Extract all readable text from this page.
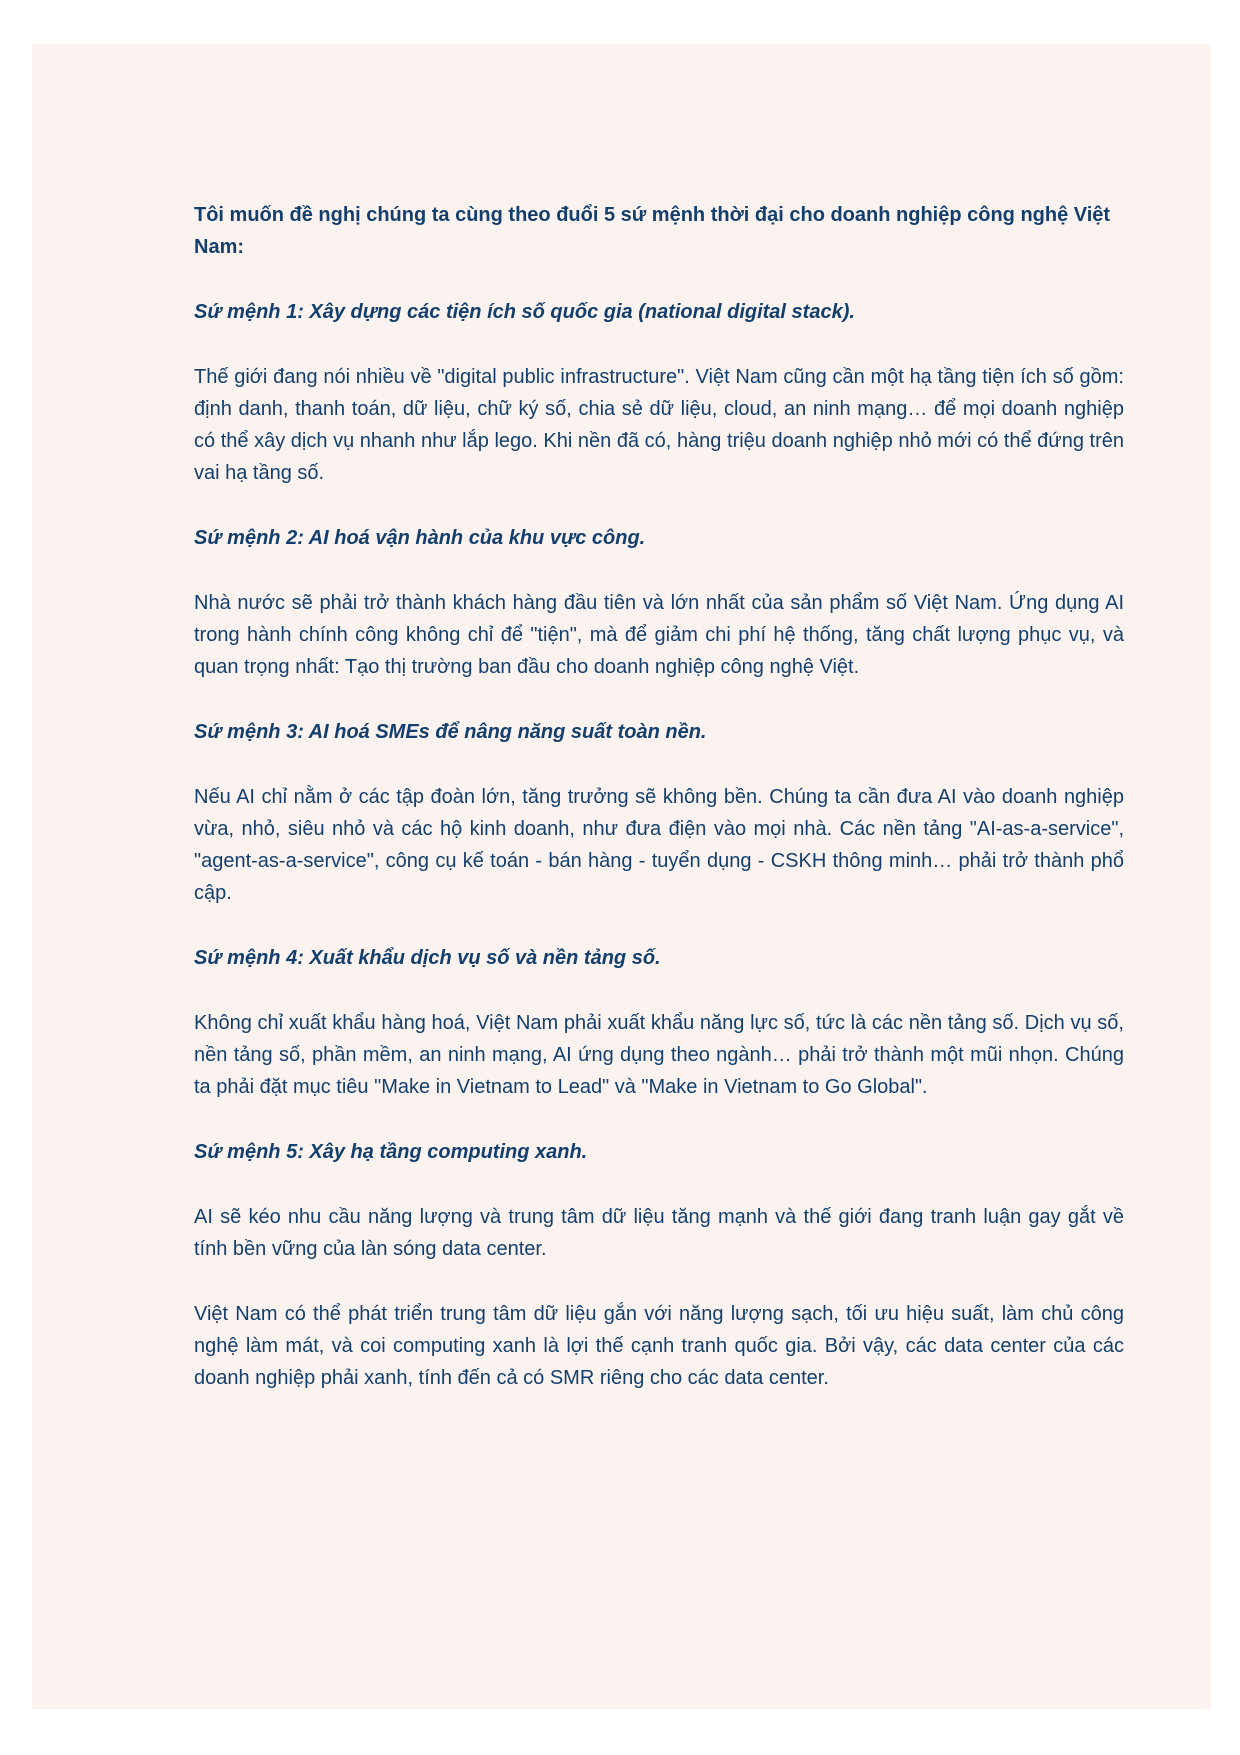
Tôi muốn đề nghị chúng ta cùng theo đuổi 5 sứ mệnh thời đại cho doanh nghiệp công nghệ Việt Nam:

Sứ mệnh 1: Xây dựng các tiện ích số quốc gia (national digital stack).

Thế giới đang nói nhiều về "digital public infrastructure". Việt Nam cũng cần một hạ tầng tiện ích số gồm: định danh, thanh toán, dữ liệu, chữ ký số, chia sẻ dữ liệu, cloud, an ninh mạng… để mọi doanh nghiệp có thể xây dịch vụ nhanh như lắp lego. Khi nền đã có, hàng triệu doanh nghiệp nhỏ mới có thể đứng trên vai hạ tầng số.

Sứ mệnh 2: AI hoá vận hành của khu vực công.

Nhà nước sẽ phải trở thành khách hàng đầu tiên và lớn nhất của sản phẩm số Việt Nam. Ứng dụng AI trong hành chính công không chỉ để "tiện", mà để giảm chi phí hệ thống, tăng chất lượng phục vụ, và quan trọng nhất: Tạo thị trường ban đầu cho doanh nghiệp công nghệ Việt.

Sứ mệnh 3: AI hoá SMEs để nâng năng suất toàn nền.

Nếu AI chỉ nằm ở các tập đoàn lớn, tăng trưởng sẽ không bền. Chúng ta cần đưa AI vào doanh nghiệp vừa, nhỏ, siêu nhỏ và các hộ kinh doanh, như đưa điện vào mọi nhà. Các nền tảng "AI-as-a-service", "agent-as-a-service", công cụ kế toán - bán hàng - tuyển dụng - CSKH thông minh… phải trở thành phổ cập.

Sứ mệnh 4: Xuất khẩu dịch vụ số và nền tảng số.

Không chỉ xuất khẩu hàng hoá, Việt Nam phải xuất khẩu năng lực số, tức là các nền tảng số. Dịch vụ số, nền tảng số, phần mềm, an ninh mạng, AI ứng dụng theo ngành… phải trở thành một mũi nhọn. Chúng ta phải đặt mục tiêu "Make in Vietnam to Lead" và "Make in Vietnam to Go Global".

Sứ mệnh 5: Xây hạ tầng computing xanh.

AI sẽ kéo nhu cầu năng lượng và trung tâm dữ liệu tăng mạnh và thế giới đang tranh luận gay gắt về tính bền vững của làn sóng data center.

Việt Nam có thể phát triển trung tâm dữ liệu gắn với năng lượng sạch, tối ưu hiệu suất, làm chủ công nghệ làm mát, và coi computing xanh là lợi thế cạnh tranh quốc gia. Bởi vậy, các data center của các doanh nghiệp phải xanh, tính đến cả có SMR riêng cho các data center.
